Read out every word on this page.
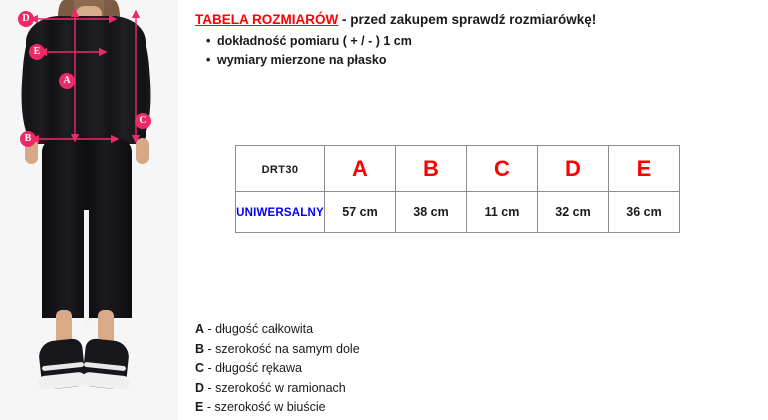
D
E
A
B
C
TABELA ROZMIARÓW - przed zakupem sprawdź rozmiarówkę!
• dokładność pomiaru ( + / - ) 1 cm
• wymiary mierzone na płasko
DRT30	A	B	C	D	E
UNIWERSALNY	57 cm	38 cm	11 cm	32 cm	36 cm
A - długość całkowita
B - szerokość na samym dole
C - długość rękawa
D - szerokość w ramionach
E - szerokość w biuście
